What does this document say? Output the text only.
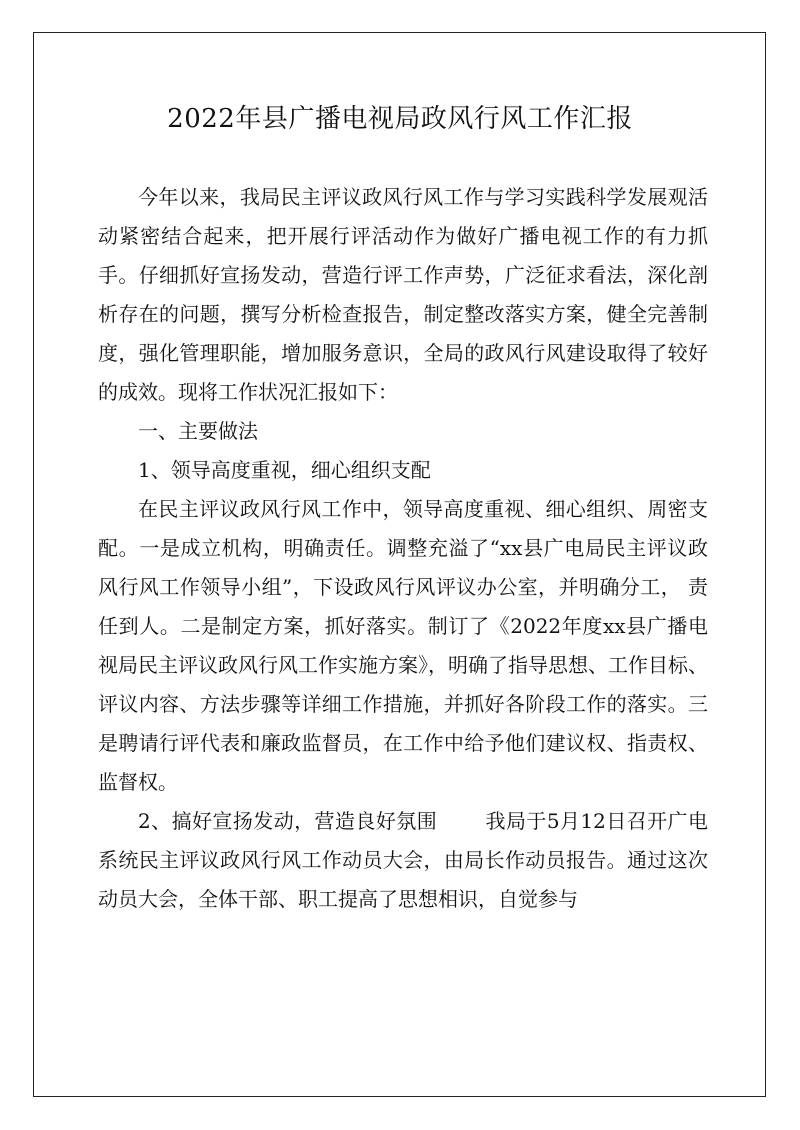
2022年县广播电视局政风行风工作汇报

今年以来，我局民主评议政风行风工作与学习实践科学发展观活动紧密结合起来，把开展行评活动作为做好广播电视工作的有力抓手。仔细抓好宣扬发动，营造行评工作声势，广泛征求看法，深化剖析存在的问题，撰写分析检查报告，制定整改落实方案，健全完善制度，强化管理职能，增加服务意识，全局的政风行风建设取得了较好的成效。现将工作状况汇报如下：

一、主要做法

1、领导高度重视，细心组织支配

在民主评议政风行风工作中，领导高度重视、细心组织、周密支配。一是成立机构，明确责任。调整充溢了“xx县广电局民主评议政风行风工作领导小组”，下设政风行风评议办公室，并明确分工， 责任到人。二是制定方案，抓好落实。制订了《2022年度xx县广播电视局民主评议政风行风工作实施方案》，明确了指导思想、工作目标、评议内容、方法步骤等详细工作措施，并抓好各阶段工作的落实。三是聘请行评代表和廉政监督员，在工作中给予他们建议权、指责权、监督权。

2、搞好宣扬发动，营造良好氛围 我局于5月12日召开广电系统民主评议政风行风工作动员大会，由局长作动员报告。通过这次动员大会，全体干部、职工提高了思想相识，自觉参与
